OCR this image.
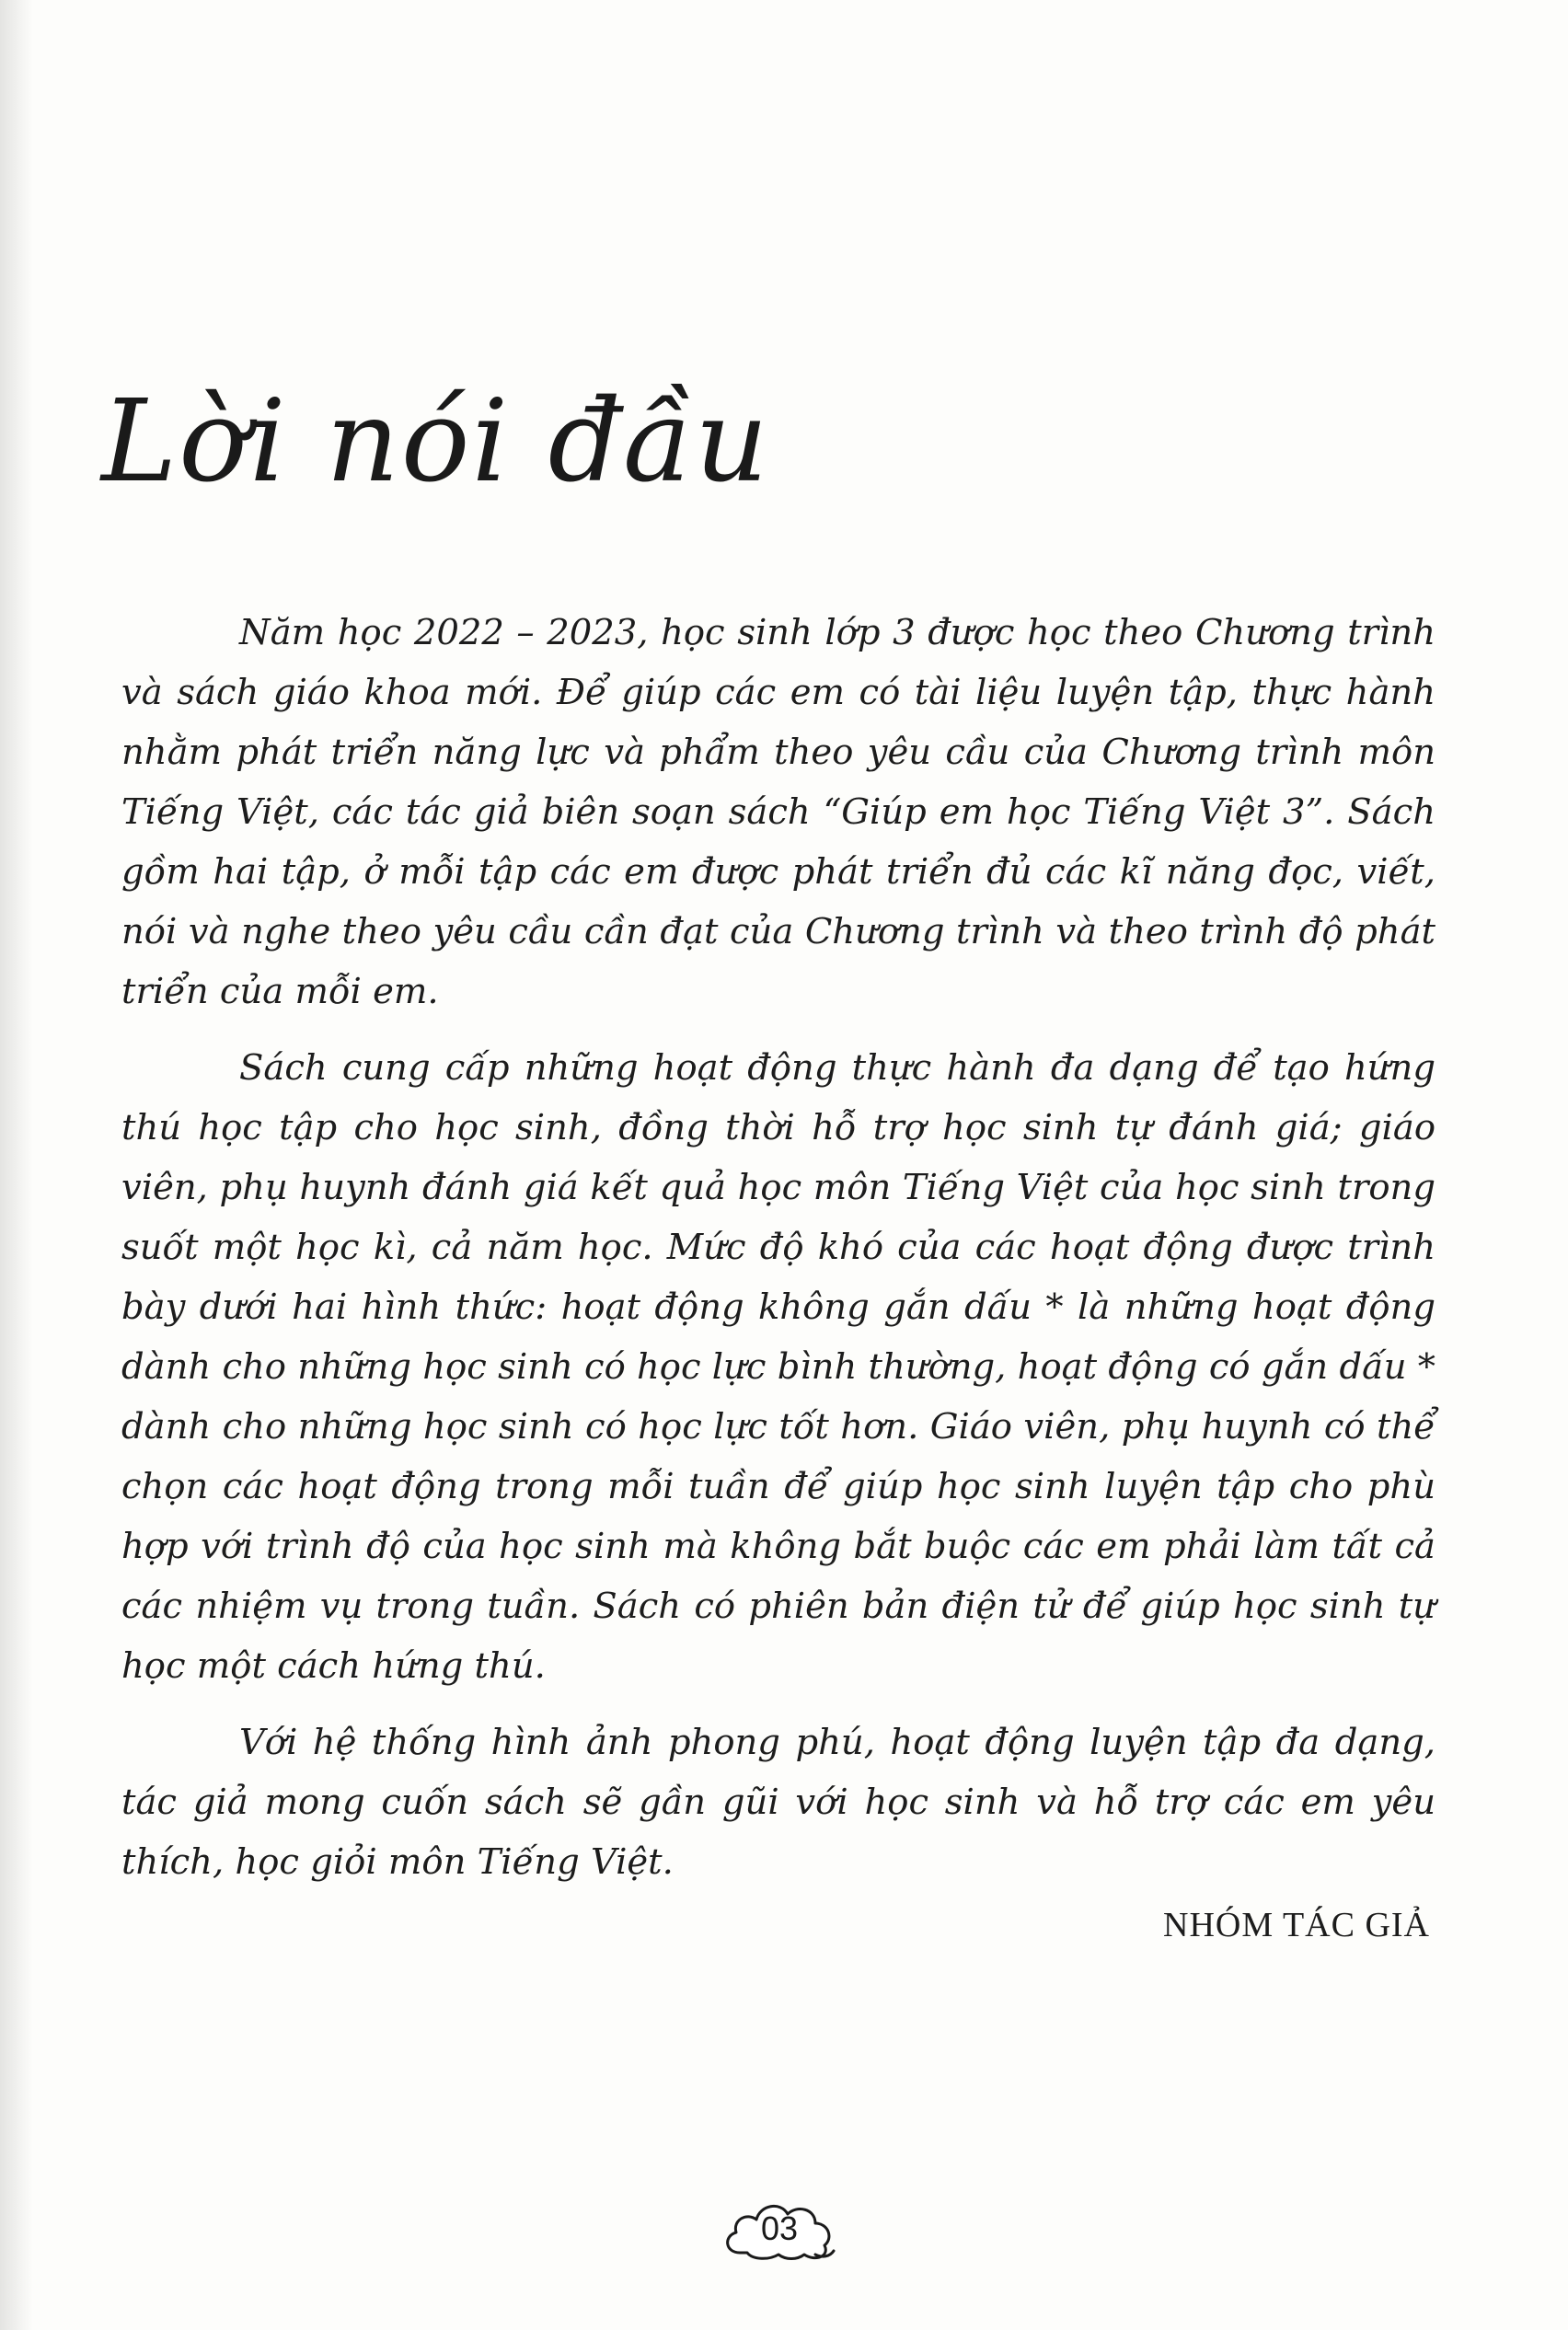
Lời nói đầu

Năm học 2022 – 2023, học sinh lớp 3 được học theo Chương trình và sách giáo khoa mới. Để giúp các em có tài liệu luyện tập, thực hành nhằm phát triển năng lực và phẩm theo yêu cầu của Chương trình môn Tiếng Việt, các tác giả biên soạn sách “Giúp em học Tiếng Việt 3”. Sách gồm hai tập, ở mỗi tập các em được phát triển đủ các kĩ năng đọc, viết, nói và nghe theo yêu cầu cần đạt của Chương trình và theo trình độ phát triển của mỗi em.

Sách cung cấp những hoạt động thực hành đa dạng để tạo hứng thú học tập cho học sinh, đồng thời hỗ trợ học sinh tự đánh giá; giáo viên, phụ huynh đánh giá kết quả học môn Tiếng Việt của học sinh trong suốt một học kì, cả năm học. Mức độ khó của các hoạt động được trình bày dưới hai hình thức: hoạt động không gắn dấu * là những hoạt động dành cho những học sinh có học lực bình thường, hoạt động có gắn dấu * dành cho những học sinh có học lực tốt hơn. Giáo viên, phụ huynh có thể chọn các hoạt động trong mỗi tuần để giúp học sinh luyện tập cho phù hợp với trình độ của học sinh mà không bắt buộc các em phải làm tất cả các nhiệm vụ trong tuần. Sách có phiên bản điện tử để giúp học sinh tự học một cách hứng thú.

Với hệ thống hình ảnh phong phú, hoạt động luyện tập đa dạng, tác giả mong cuốn sách sẽ gần gũi với học sinh và hỗ trợ các em yêu thích, học giỏi môn Tiếng Việt.

NHÓM TÁC GIẢ

03
